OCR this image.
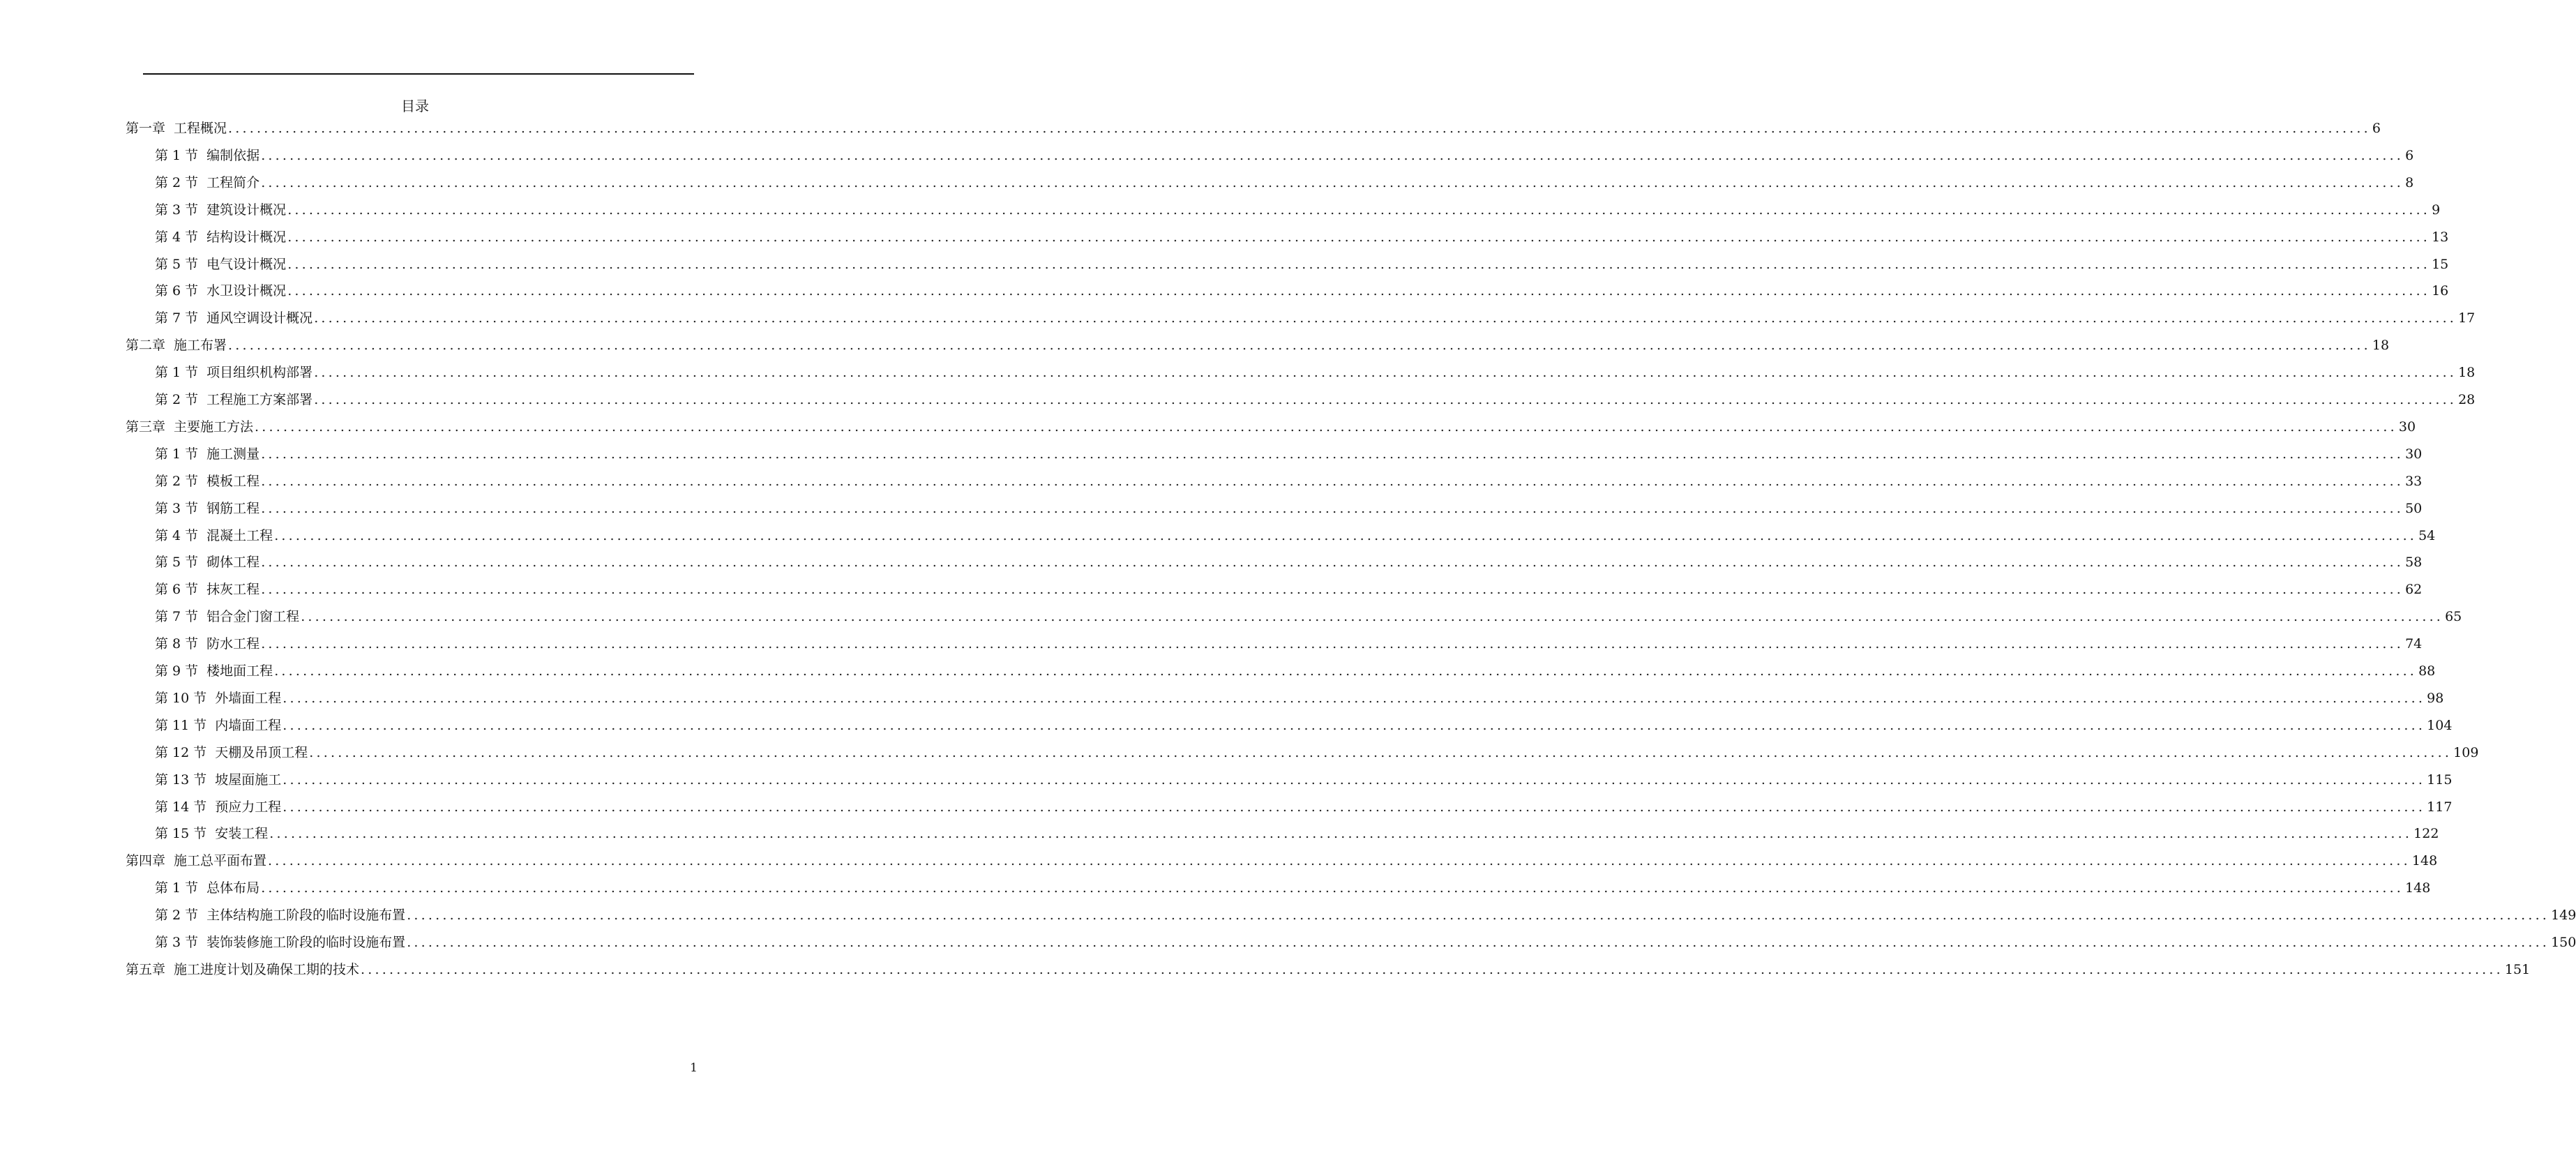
目录
第一章 工程概况 ............................................................................................................................................................................................................................................................................................................ 6
第 1 节 编制依据 ............................................................................................................................................................................................................................................................................................................ 6
第 2 节 工程简介 ............................................................................................................................................................................................................................................................................................................ 8
第 3 节 建筑设计概况 ............................................................................................................................................................................................................................................................................................................ 9
第 4 节 结构设计概况 ............................................................................................................................................................................................................................................................................................................ 13
第 5 节 电气设计概况 ............................................................................................................................................................................................................................................................................................................ 15
第 6 节 水卫设计概况 ............................................................................................................................................................................................................................................................................................................ 16
第 7 节 通风空调设计概况 ............................................................................................................................................................................................................................................................................................................ 17
第二章 施工布署 ............................................................................................................................................................................................................................................................................................................ 18
第 1 节 项目组织机构部署 ............................................................................................................................................................................................................................................................................................................ 18
第 2 节 工程施工方案部署 ............................................................................................................................................................................................................................................................................................................ 28
第三章 主要施工方法 ............................................................................................................................................................................................................................................................................................................ 30
第 1 节 施工测量 ............................................................................................................................................................................................................................................................................................................ 30
第 2 节 模板工程 ............................................................................................................................................................................................................................................................................................................ 33
第 3 节 钢筋工程 ............................................................................................................................................................................................................................................................................................................ 50
第 4 节 混凝土工程 ............................................................................................................................................................................................................................................................................................................ 54
第 5 节 砌体工程 ............................................................................................................................................................................................................................................................................................................ 58
第 6 节 抹灰工程 ............................................................................................................................................................................................................................................................................................................ 62
第 7 节 铝合金门窗工程 ............................................................................................................................................................................................................................................................................................................ 65
第 8 节 防水工程 ............................................................................................................................................................................................................................................................................................................ 74
第 9 节 楼地面工程 ............................................................................................................................................................................................................................................................................................................ 88
第 10 节 外墙面工程 ............................................................................................................................................................................................................................................................................................................ 98
第 11 节 内墙面工程 ............................................................................................................................................................................................................................................................................................................ 104
第 12 节 天棚及吊顶工程 ............................................................................................................................................................................................................................................................................................................ 109
第 13 节 坡屋面施工 ............................................................................................................................................................................................................................................................................................................ 115
第 14 节 预应力工程 ............................................................................................................................................................................................................................................................................................................ 117
第 15 节 安装工程 ............................................................................................................................................................................................................................................................................................................ 122
第四章 施工总平面布置 ............................................................................................................................................................................................................................................................................................................ 148
第 1 节 总体布局 ............................................................................................................................................................................................................................................................................................................ 148
第 2 节 主体结构施工阶段的临时设施布置 ............................................................................................................................................................................................................................................................................................................ 149
第 3 节 装饰装修施工阶段的临时设施布置 ............................................................................................................................................................................................................................................................................................................ 150
第五章 施工进度计划及确保工期的技术 ............................................................................................................................................................................................................................................................................................................ 151
1
